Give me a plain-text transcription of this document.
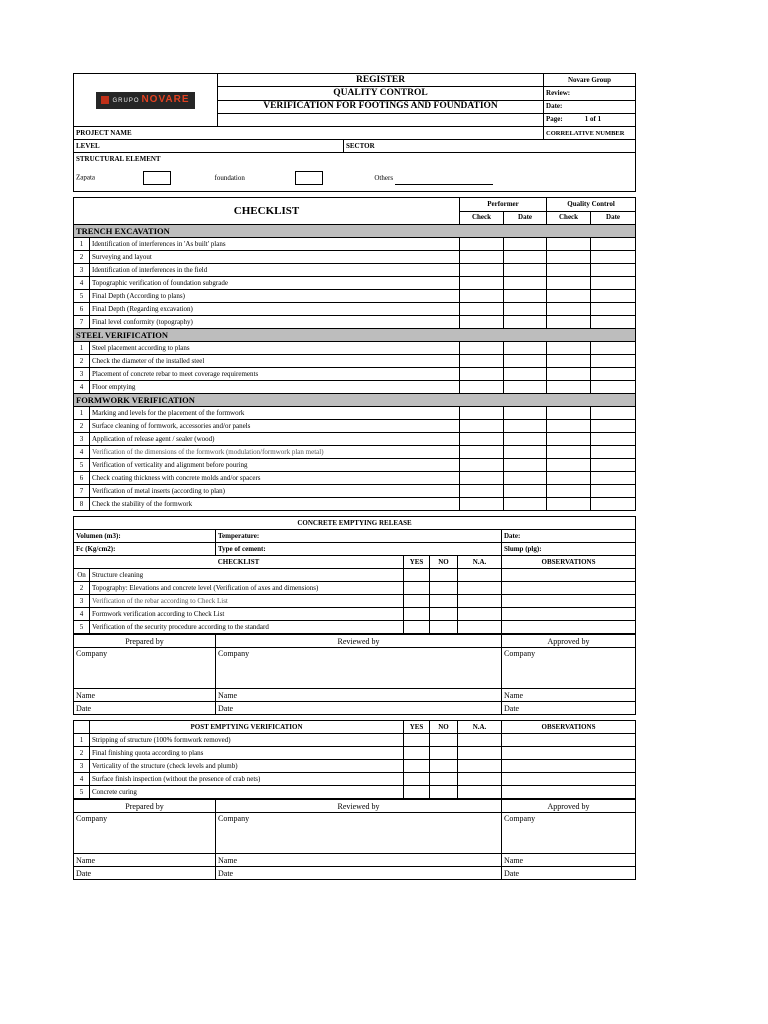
GRUPO NOVARE	REGISTER		Novare Group
	QUALITY CONTROL		Review:
	VERIFICATION FOR FOOTINGS AND FOUNDATION		Date:
			Page: 1 of 1
PROJECT NAME			CORRELATIVE NUMBER
LEVEL		SECTOR	
STRUCTURAL ELEMENT			
Zapata foundation Others			
CHECKLIST		Performer		Quality Control	
		Check	Date	Check	Date
TRENCH EXCAVATION					
1	Identification of interferences in 'As built' plans				
2	Surveying and layout				
3	Identification of interferences in the field				
4	Topographic verification of foundation subgrade				
5	Final Depth (According to plans)				
6	Final Depth (Regarding excavation)				
7	Final level conformity (topography)				
STEEL VERIFICATION					
1	Steel placement according to plans				
2	Check the diameter of the installed steel				
3	Placement of concrete rebar to meet coverage requirements				
4	Floor emptying				
FORMWORK VERIFICATION					
1	Marking and levels for the placement of the formwork				
2	Surface cleaning of formwork, accessories and/or panels				
3	Application of release agent / sealer (wood)				
4	Verification of the dimensions of the formwork (modulation/formwork plan metal)				
5	Verification of verticality and alignment before pouring				
6	Check coating thickness with concrete molds and/or spacers				
7	Verification of metal inserts (according to plan)				
8	Check the stability of the formwork				
CONCRETE EMPTYING RELEASE						
Volumen (m3):		Temperature:				Date:
Fc (Kg/cm2):		Type of cement:				Slump (plg):
CHECKLIST			YES	NO	N.A.	OBSERVATIONS
On	Structure cleaning					
2	Topography: Elevations and concrete level (Verification of axes and dimensions)					
3	Verification of the rebar according to Check List					
4	Formwork verification according to Check List					
5	Verification of the security procedure according to the standard					
Prepared by	Reviewed by	Approved by
Company	Company	Company
Name	Name	Name
Date	Date	Date
	POST EMPTYING VERIFICATION	YES	NO	N.A.	OBSERVATIONS
1	Stripping of structure (100% formwork removed)				
2	Final finishing quota according to plans				
3	Verticality of the structure (check levels and plumb)				
4	Surface finish inspection (without the presence of crab nets)				
5	Concrete curing				
Prepared by	Reviewed by	Approved by
Company	Company	Company
Name	Name	Name
Date	Date	Date
